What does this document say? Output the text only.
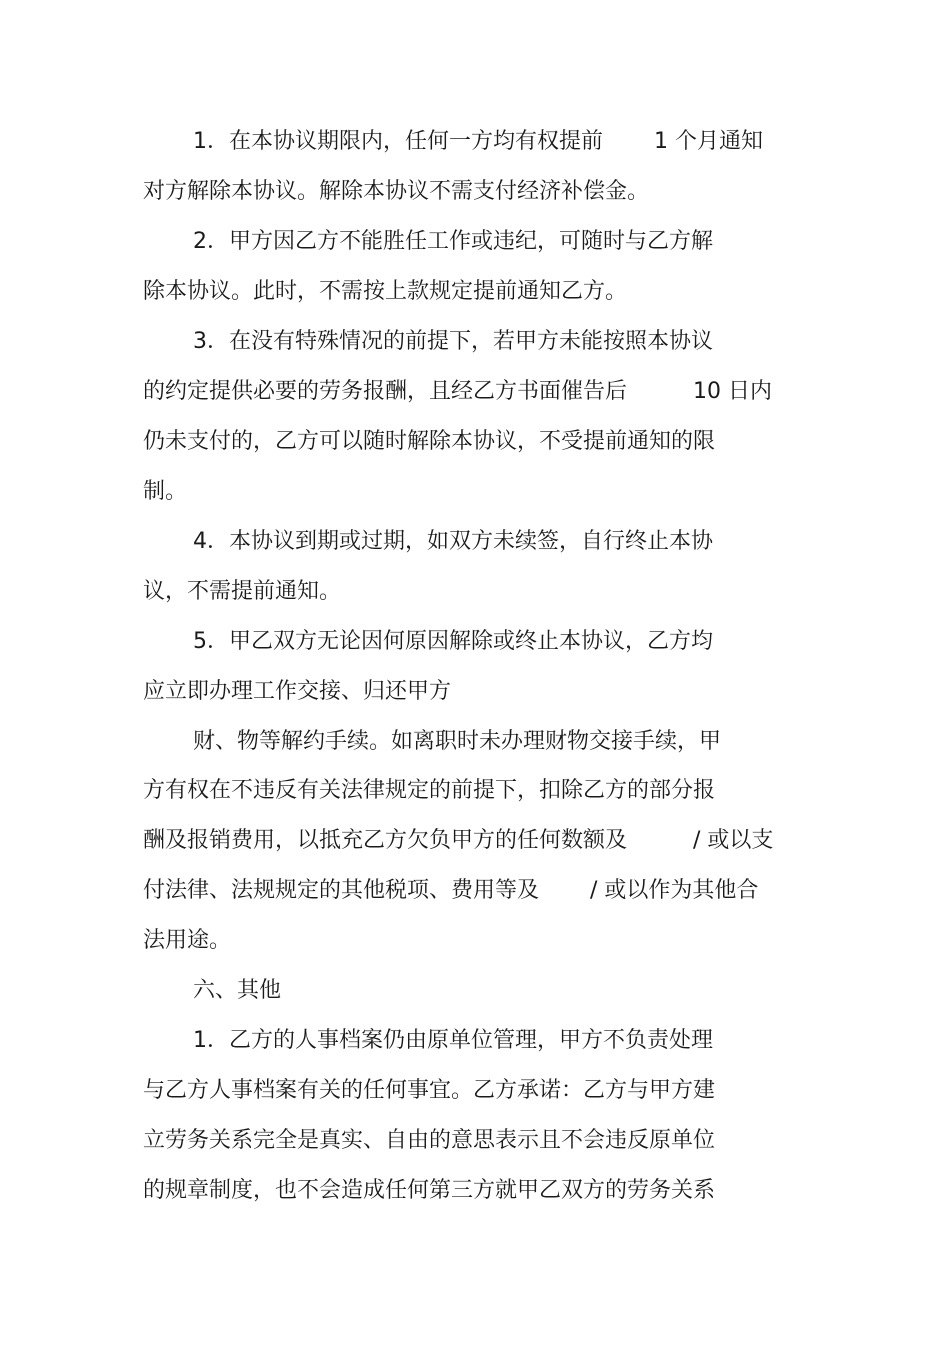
1．在本协议期限内，任何一方均有权提前　　 1 个月通知
对方解除本协议。解除本协议不需支付经济补偿金。
2．甲方因乙方不能胜任工作或违纪，可随时与乙方解
除本协议。此时，不需按上款规定提前通知乙方。
3．在没有特殊情况的前提下，若甲方未能按照本协议
的约定提供必要的劳务报酬，且经乙方书面催告后　　　10 日内
仍未支付的，乙方可以随时解除本协议，不受提前通知的限
制。
4．本协议到期或过期，如双方未续签，自行终止本协
议，不需提前通知。
5．甲乙双方无论因何原因解除或终止本协议，乙方均
应立即办理工作交接、归还甲方
财、物等解约手续。如离职时未办理财物交接手续，甲
方有权在不违反有关法律规定的前提下，扣除乙方的部分报
酬及报销费用，以抵充乙方欠负甲方的任何数额及　　　/ 或以支
付法律、法规规定的其他税项、费用等及　　 / 或以作为其他合
法用途。
六、其他
1．乙方的人事档案仍由原单位管理，甲方不负责处理
与乙方人事档案有关的任何事宜。乙方承诺：乙方与甲方建
立劳务关系完全是真实、自由的意思表示且不会违反原单位
的规章制度，也不会造成任何第三方就甲乙双方的劳务关系
